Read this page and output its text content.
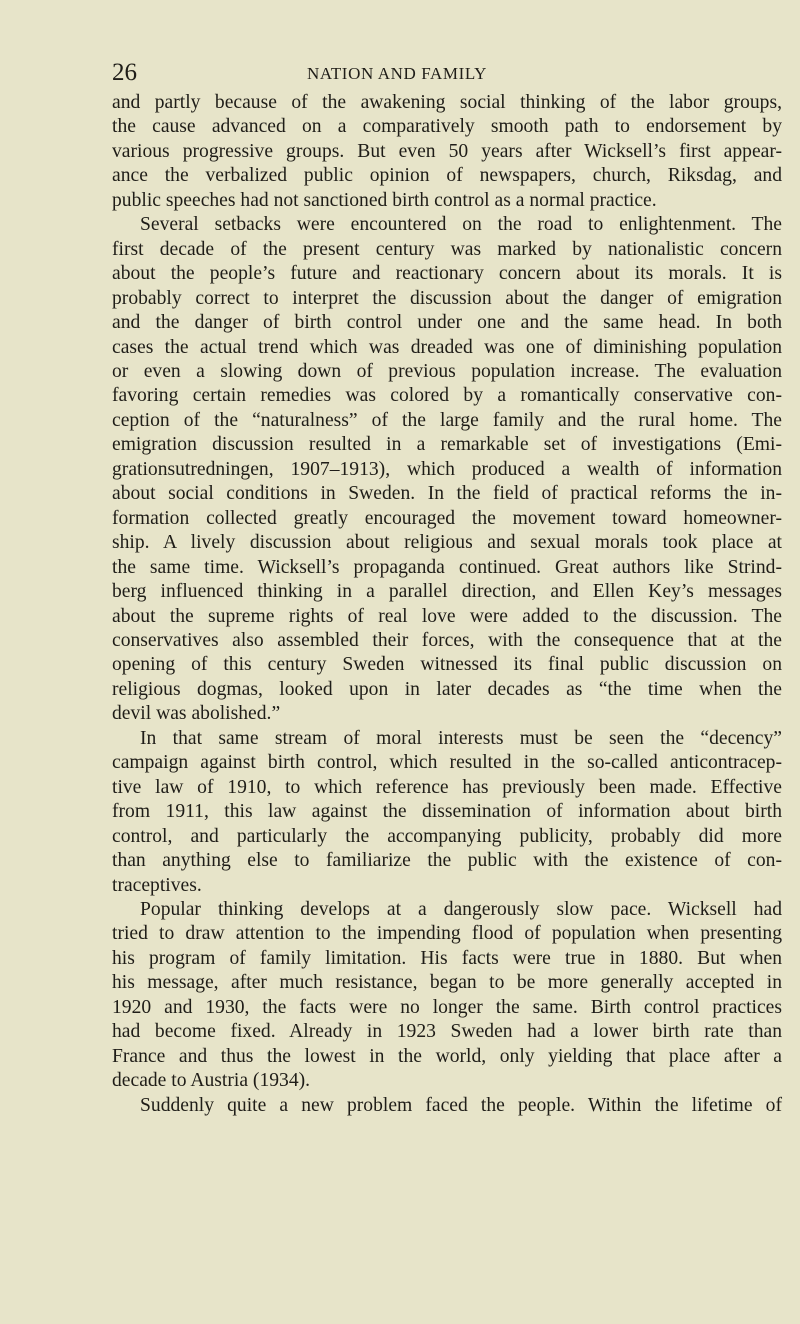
26	NATION AND FAMILY

and partly because of the awakening social thinking of the labor groups,

the cause advanced on a comparatively smooth path to endorsement by

various progressive groups. But even 50 years after Wicksell’s first appear-

ance the verbalized public opinion of newspapers, church, Riksdag, and

public speeches had not sanctioned birth control as a normal practice.

Several setbacks were encountered on the road to enlightenment. The

first decade of the present century was marked by nationalistic concern

about the people’s future and reactionary concern about its morals. It is

probably correct to interpret the discussion about the danger of emigration

and the danger of birth control under one and the same head. In both

cases the actual trend which was dreaded was one of diminishing population

or even a slowing down of previous population increase. The evaluation

favoring certain remedies was colored by a romantically conservative con-

ception of the “naturalness” of the large family and the rural home. The

emigration discussion resulted in a remarkable set of investigations (Emi-

grationsutredningen, 1907–1913), which produced a wealth of information

about social conditions in Sweden. In the field of practical reforms the in-

formation collected greatly encouraged the movement toward homeowner-

ship. A lively discussion about religious and sexual morals took place at

the same time. Wicksell’s propaganda continued. Great authors like Strind-

berg influenced thinking in a parallel direction, and Ellen Key’s messages

about the supreme rights of real love were added to the discussion. The

conservatives also assembled their forces, with the consequence that at the

opening of this century Sweden witnessed its final public discussion on

religious dogmas, looked upon in later decades as “the time when the

devil was abolished.”

In that same stream of moral interests must be seen the “decency”

campaign against birth control, which resulted in the so-called anticontracep-

tive law of 1910, to which reference has previously been made. Effective

from 1911, this law against the dissemination of information about birth

control, and particularly the accompanying publicity, probably did more

than anything else to familiarize the public with the existence of con-

traceptives.

Popular thinking develops at a dangerously slow pace. Wicksell had

tried to draw attention to the impending flood of population when presenting

his program of family limitation. His facts were true in 1880. But when

his message, after much resistance, began to be more generally accepted in

1920 and 1930, the facts were no longer the same. Birth control practices

had become fixed. Already in 1923 Sweden had a lower birth rate than

France and thus the lowest in the world, only yielding that place after a

decade to Austria (1934).

Suddenly quite a new problem faced the people. Within the lifetime of
